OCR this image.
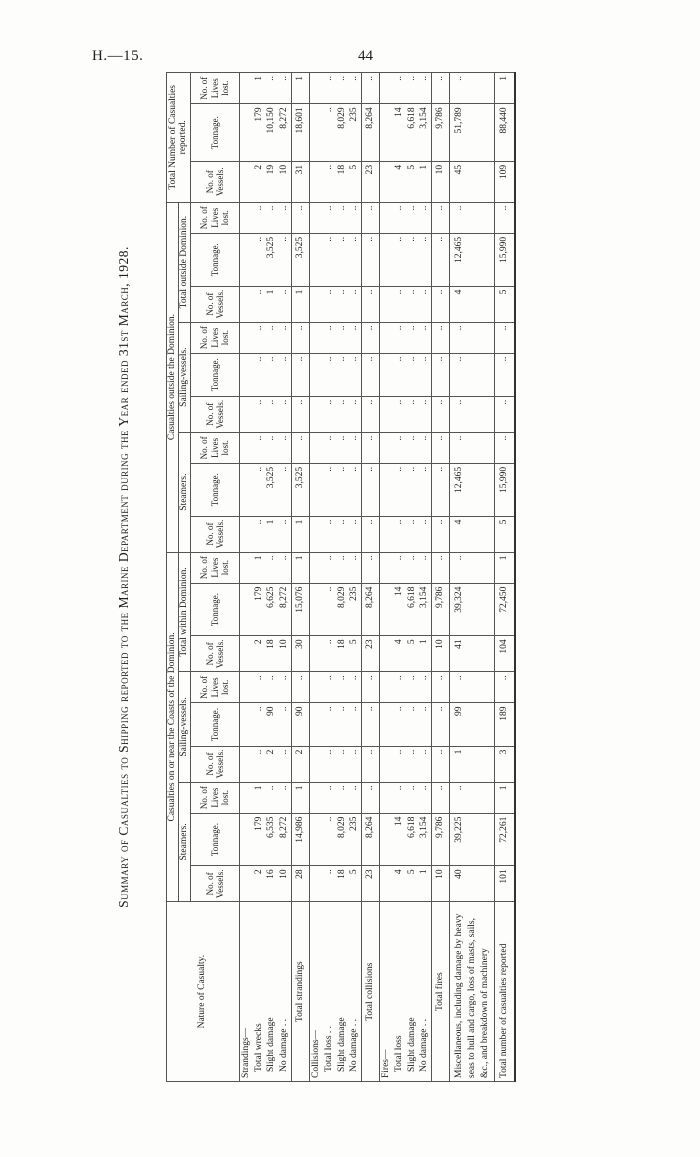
H.—15.	44
Summary of Casualties to Shipping reported to the Marine Department during the Year ended 31st March, 1928.
Nature of Casualty.	Casualties on or near the Coasts of the Dominion.									Casualties outside the Dominion.									Total Number of Casualties reported.		
	Steamers.			Sailing-vessels.			Total within Dominion.			Steamers.			Sailing-vessels.			Total outside Dominion.					
	No. of Vessels.	Tonnage.	No. of Lives lost.	No. of Vessels.	Tonnage.	No. of Lives lost.	No. of Vessels.	Tonnage.	No. of Lives lost.	No. of Vessels.	Tonnage.	No. of Lives lost.	No. of Vessels.	Tonnage.	No. of Lives lost.	No. of Vessels.	Tonnage.	No. of Lives lost.	No. of Vessels.	Tonnage.	No. of Lives lost.
Strandings—																					

Total wrecks	2	179	1	..	..	..	2	179	1	..	..	..	..	..	..	..	..	..	2	179	1

Slight damage	16	6,535	..	2	90	..	18	6,625	..	1	3,525	..	..	..	..	1	3,525	..	19	10,150	..

No damage . .	10	8,272	..	..	..	..	10	8,272	..	..	..	..	..	..	..	..	..	..	10	8,272	..
Total strandings	28	14,986	1	2	90	..	30	15,076	1	1	3,525	..	..	..	..	1	3,525	..	31	18,601	1
Collisions—																					

Total loss . .	..	..	..	..	..	..	..	..	..	..	..	..	..	..	..	..	..	..	..	..	..

Slight damage	18	8,029	..	..	..	..	18	8,029	..	..	..	..	..	..	..	..	..	..	18	8,029	..

No damage . .	5	235	..	..	..	..	5	235	..	..	..	..	..	..	..	..	..	..	5	235	..
Total collisions	23	8,264	..	..	..	..	23	8,264	..	..	..	..	..	..	..	..	..	..	23	8,264	..
Fires—																					

Total loss	4	14	..	..	..	..	4	14	..	..	..	..	..	..	..	..	..	..	4	14	..

Slight damage	5	6,618	..	..	..	..	5	6,618	..	..	..	..	..	..	..	..	..	..	5	6,618	..

No damage . .	1	3,154	..	..	..	..	1	3,154	..	..	..	..	..	..	..	..	..	..	1	3,154	..
Total fires	10	9,786	..	..	..	..	10	9,786	..	..	..	..	..	..	..	..	..	..	10	9,786	..
Miscellaneous, including damage by heavy seas to hull and cargo, loss of masts, sails, &c., and breakdown of machinery	40	39,225	..	1	99	..	41	39,324	..	4	12,465	..	..	..	..	4	12,465	..	45	51,789	..
Total number of casualties reported	101	72,261	1	3	189	..	104	72,450	1	5	15,990	..	..	..	..	5	15,990	..	109	88,440	1
